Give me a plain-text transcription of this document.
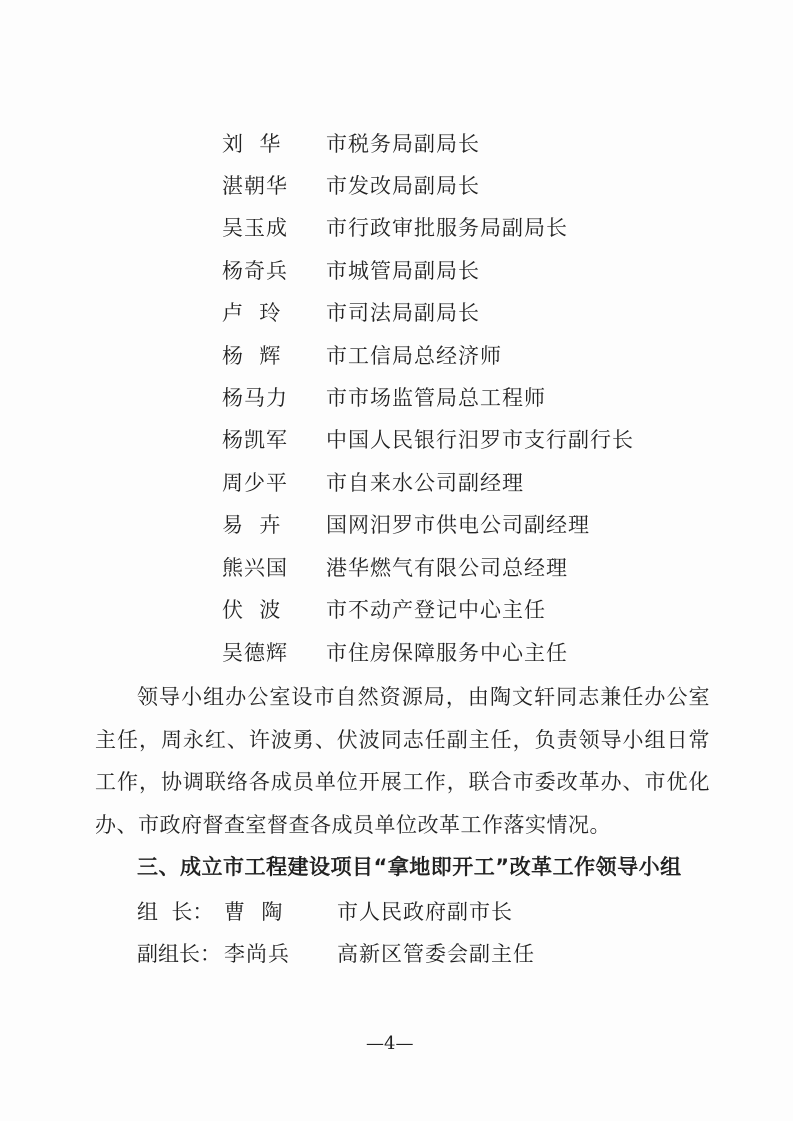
刘  华 市税务局副局长
湛朝华 市发改局副局长
吴玉成 市行政审批服务局副局长
杨奇兵 市城管局副局长
卢  玲 市司法局副局长
杨  辉 市工信局总经济师
杨马力 市市场监管局总工程师
杨凯军 中国人民银行汨罗市支行副行长
周少平 市自来水公司副经理
易  卉 国网汨罗市供电公司副经理
熊兴国 港华燃气有限公司总经理
伏  波 市不动产登记中心主任
吴德辉 市住房保障服务中心主任
领导小组办公室设市自然资源局，由陶文轩同志兼任办公室主任，周永红、许波勇、伏波同志任副主任，负责领导小组日常工作，协调联络各成员单位开展工作，联合市委改革办、市优化办、市政府督查室督查各成员单位改革工作落实情况。
三、成立市工程建设项目“拿地即开工”改革工作领导小组
组  长： 曹  陶	市人民政府副市长
副组长： 李尚兵 高新区管委会副主任
—4—
